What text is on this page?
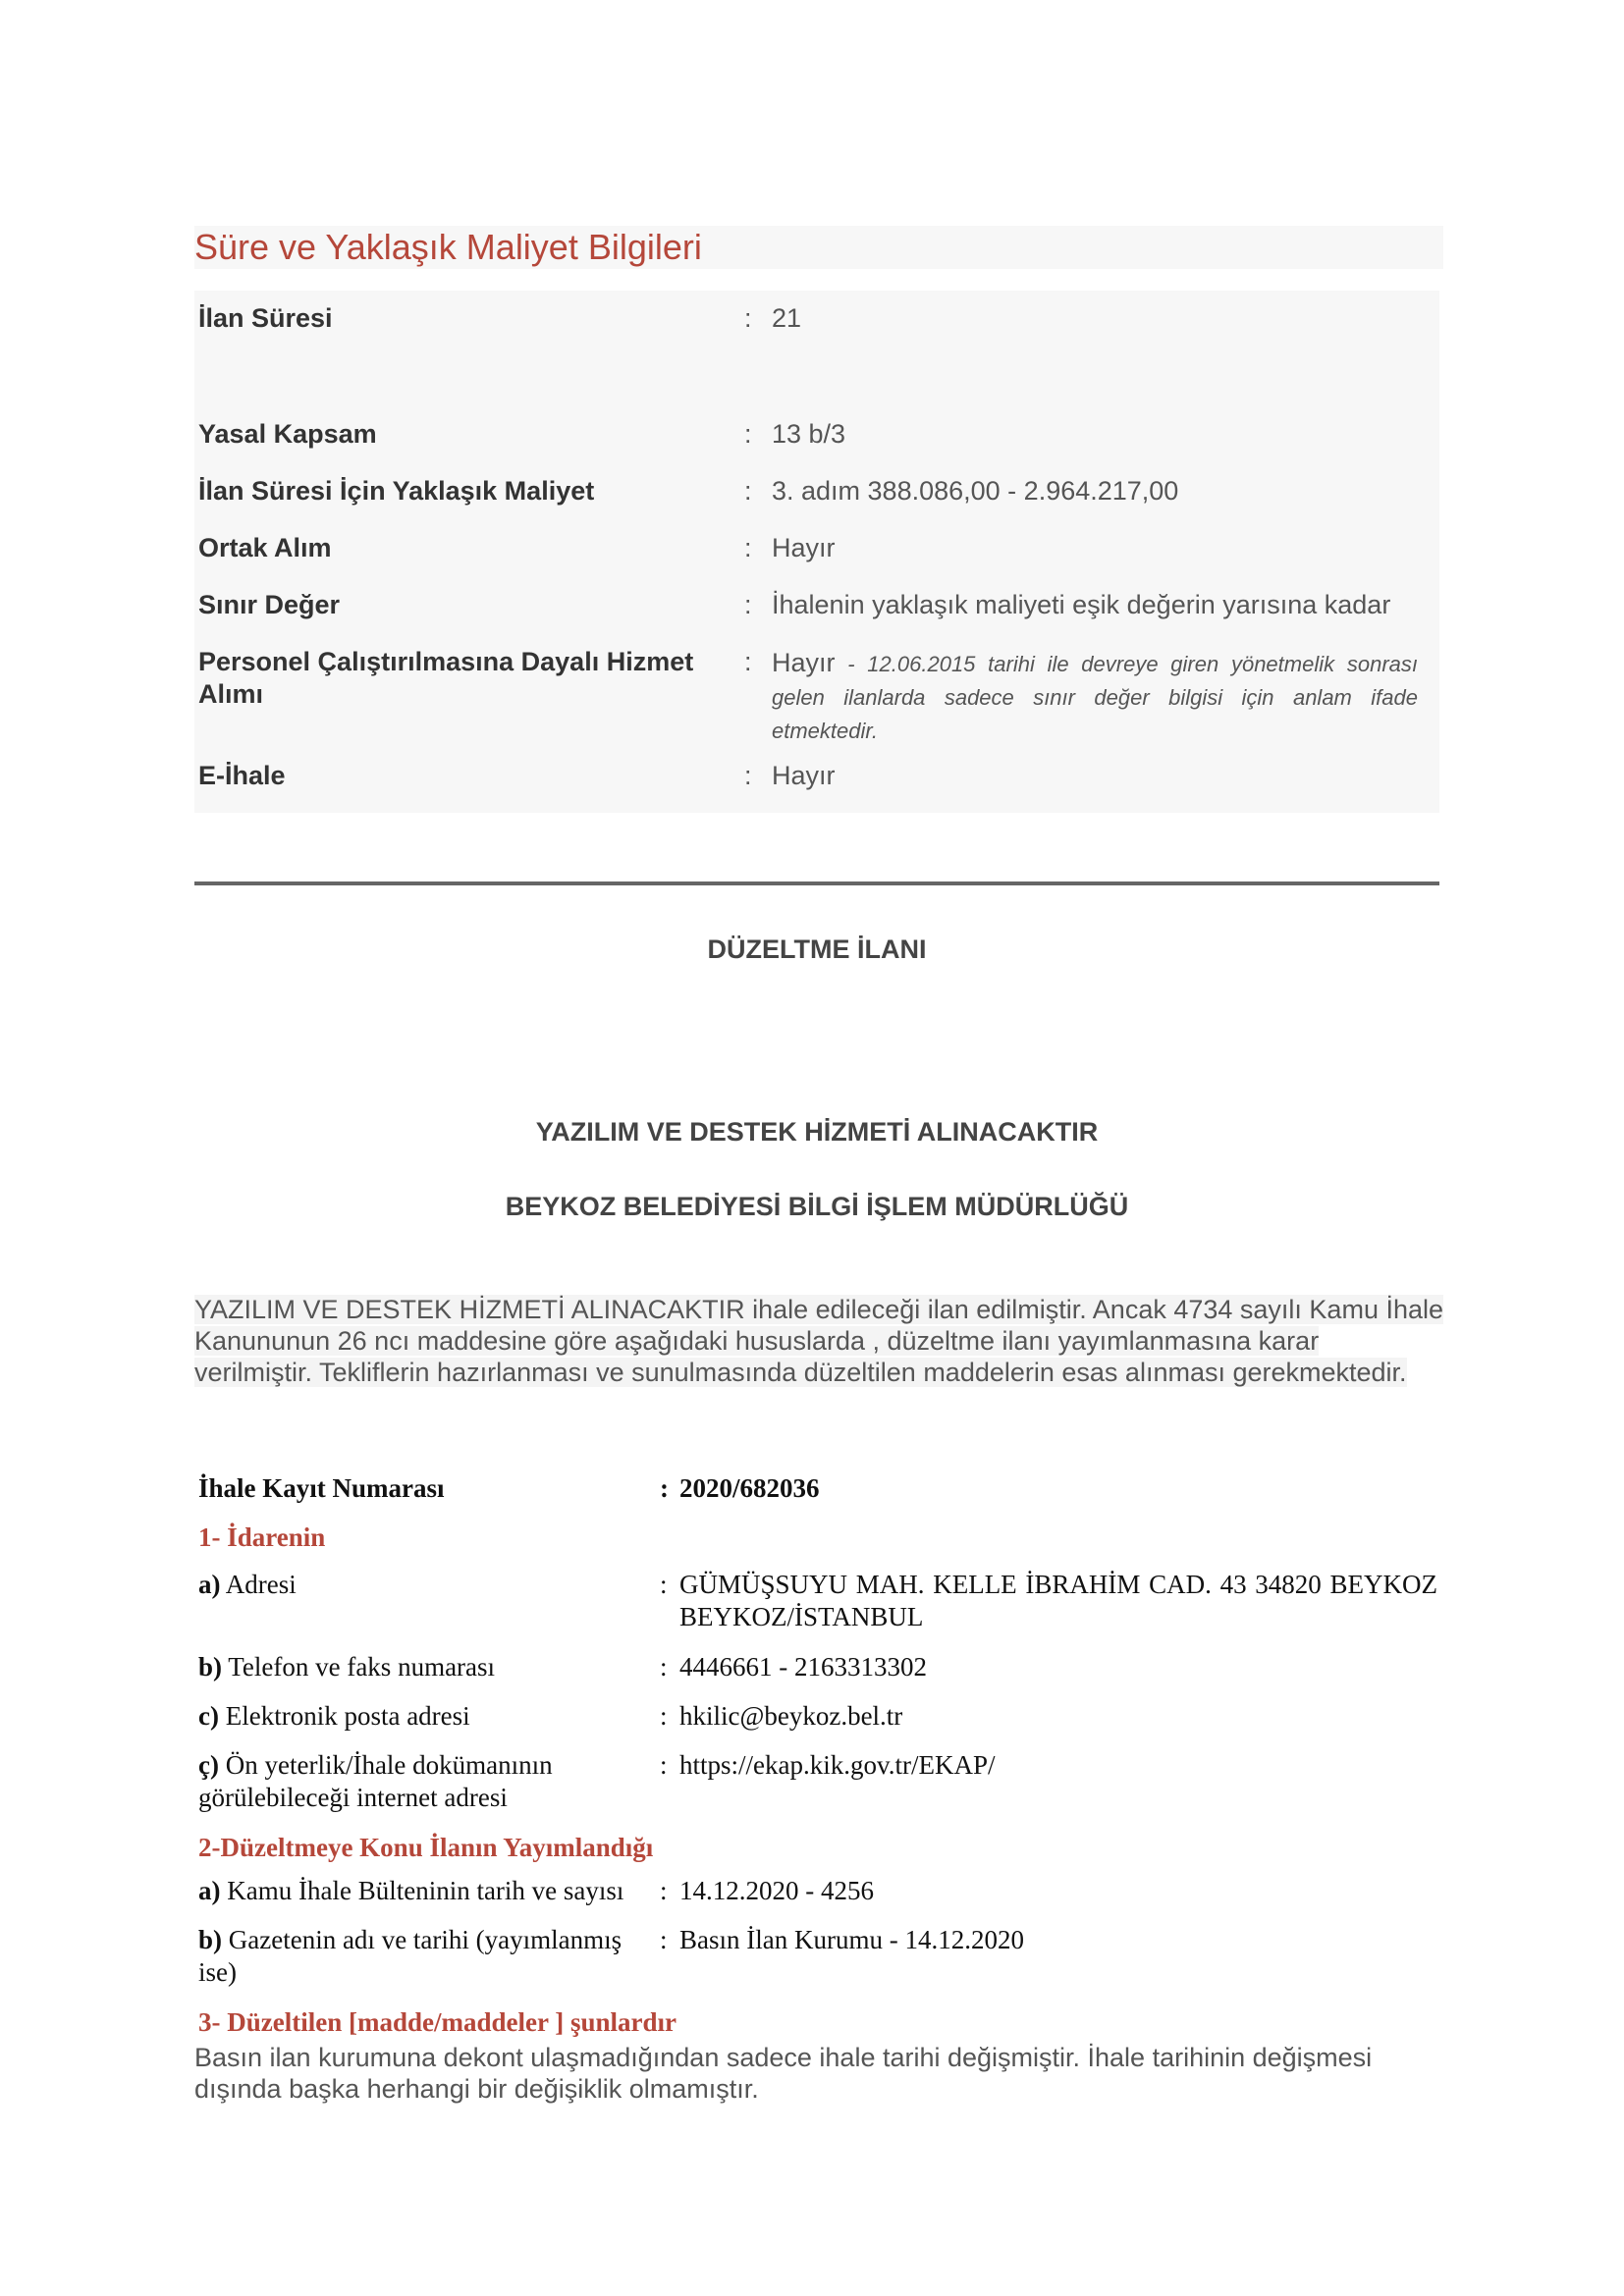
Süre ve Yaklaşık Maliyet Bilgileri
İlan Süresi	: 21
Yasal Kapsam	: 13 b/3
İlan Süresi İçin Yaklaşık Maliyet	: 3. adım 388.086,00 - 2.964.217,00
Ortak Alım	: Hayır
Sınır Değer	: İhalenin yaklaşık maliyeti eşik değerin yarısına kadar
Personel Çalıştırılmasına Dayalı Hizmet Alımı
: Hayır - 12.06.2015 tarihi ile devreye giren yönetmelik sonrası gelen ilanlarda sadece sınır değer bilgisi için anlam ifade etmektedir.
E-İhale	: Hayır
DÜZELTME İLANI
YAZILIM VE DESTEK HİZMETİ ALINACAKTIR
BEYKOZ BELEDİYESİ BİLGİ İŞLEM MÜDÜRLÜĞÜ
YAZILIM VE DESTEK HİZMETİ ALINACAKTIR ihale edileceği ilan edilmiştir. Ancak 4734 sayılı Kamu İhale Kanununun 26 ncı maddesine göre aşağıdaki hususlarda , düzeltme ilanı yayımlanmasına karar verilmiştir. Tekliflerin hazırlanması ve sunulmasında düzeltilen maddelerin esas alınması gerekmektedir.
İhale Kayıt Numarası	: 2020/682036
1- İdarenin
a) Adresi	: GÜMÜŞSUYU MAH. KELLE İBRAHİM CAD. 43 34820 BEYKOZ BEYKOZ/İSTANBUL
b) Telefon ve faks numarası	: 4446661 - 2163313302
c) Elektronik posta adresi	: hkilic@beykoz.bel.tr
ç) Ön yeterlik/İhale dokümanının görülebileceği internet adresi
: https://ekap.kik.gov.tr/EKAP/
2-Düzeltmeye Konu İlanın Yayımlandığı
a) Kamu İhale Bülteninin tarih ve sayısı	: 14.12.2020 - 4256
b) Gazetenin adı ve tarihi (yayımlanmış ise)
: Basın İlan Kurumu - 14.12.2020
3- Düzeltilen [madde/maddeler ] şunlardır
Basın ilan kurumuna dekont ulaşmadığından sadece ihale tarihi değişmiştir. İhale tarihinin değişmesi dışında başka herhangi bir değişiklik olmamıştır.
